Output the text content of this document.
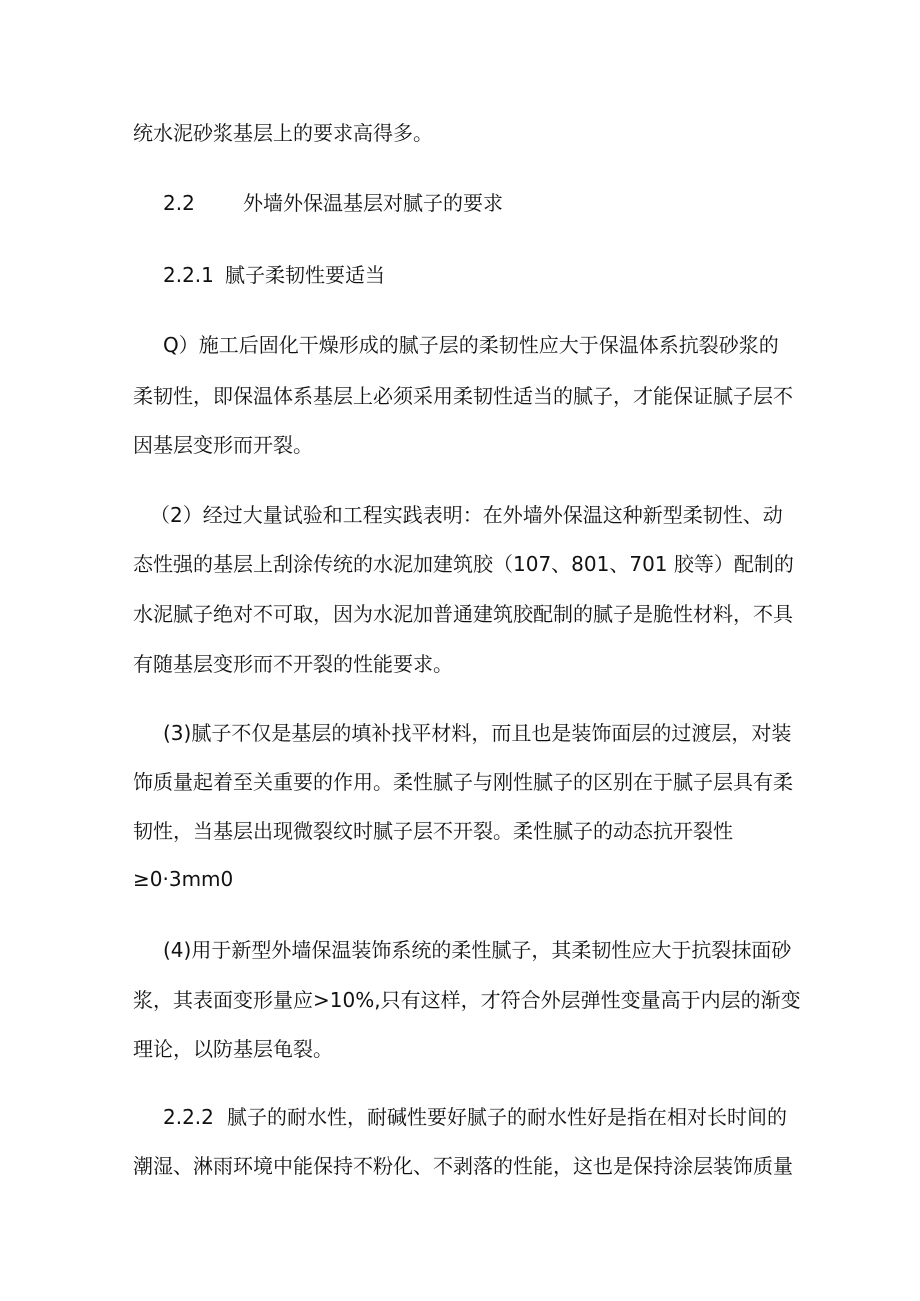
统水泥砂浆基层上的要求高得多。
2.2 外墙外保温基层对腻子的要求
2.2.1 腻子柔韧性要适当
Q）施工后固化干燥形成的腻子层的柔韧性应大于保温体系抗裂砂浆的
柔韧性，即保温体系基层上必须采用柔韧性适当的腻子，才能保证腻子层不
因基层变形而开裂。
（2）经过大量试验和工程实践表明：在外墙外保温这种新型柔韧性、动
态性强的基层上刮涂传统的水泥加建筑胶（107、801、701 胶等）配制的
水泥腻子绝对不可取，因为水泥加普通建筑胶配制的腻子是脆性材料，不具
有随基层变形而不开裂的性能要求。
(3)腻子不仅是基层的填补找平材料，而且也是装饰面层的过渡层，对装
饰质量起着至关重要的作用。柔性腻子与刚性腻子的区别在于腻子层具有柔
韧性，当基层出现微裂纹时腻子层不开裂。柔性腻子的动态抗开裂性
≥0·3mm0
(4)用于新型外墙保温装饰系统的柔性腻子，其柔韧性应大于抗裂抹面砂
浆，其表面变形量应>10%,只有这样，才符合外层弹性变量高于内层的渐变
理论，以防基层龟裂。
2.2.2 腻子的耐水性，耐碱性要好腻子的耐水性好是指在相对长时间的
潮湿、淋雨环境中能保持不粉化、不剥落的性能，这也是保持涂层装饰质量
